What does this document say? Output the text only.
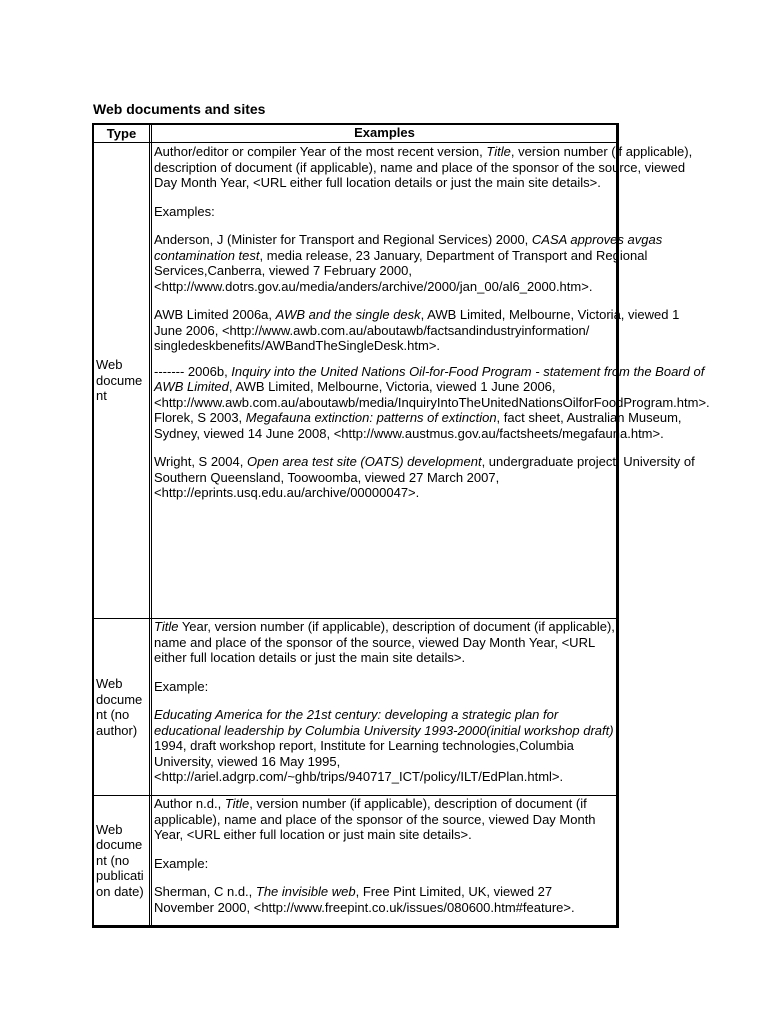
Web documents and sites
Type	Examples
Web
docume
nt

Author/editor or compiler Year of the most recent version, Title, version number (if applicable), description of document (if applicable), name and place of the sponsor of the source, viewed Day Month Year, <URL either full location details or just the main site details>.

Examples:

Anderson, J (Minister for Transport and Regional Services) 2000, CASA approves avgas contamination test, media release, 23 January, Department of Transport and Regional Services,Canberra, viewed 7 February 2000, <http://www.dotrs.gov.au/media/anders/archive/2000/jan_00/al6_2000.htm>.

AWB Limited 2006a, AWB and the single desk, AWB Limited, Melbourne, Victoria, viewed 1 June 2006, <http://www.awb.com.au/aboutawb/factsandindustryinformation/ singledeskbenefits/AWBandTheSingleDesk.htm>.

------- 2006b, Inquiry into the United Nations Oil-for-Food Program - statement from the Board of AWB Limited, AWB Limited, Melbourne, Victoria, viewed 1 June 2006, <http://www.awb.com.au/aboutawb/media/InquiryIntoTheUnitedNationsOilforFoodProgram.htm>.

Florek, S 2003, Megafauna extinction: patterns of extinction, fact sheet, Australian Museum, Sydney, viewed 14 June 2008, <http://www.austmus.gov.au/factsheets/megafauna.htm>.

Wright, S 2004, Open area test site (OATS) development, undergraduate project, University of Southern Queensland, Toowoomba, viewed 27 March 2007, <http://eprints.usq.edu.au/archive/00000047>.

Web
docume
nt (no
author)

Title Year, version number (if applicable), description of document (if applicable), name and place of the sponsor of the source, viewed Day Month Year, <URL either full location details or just the main site details>.

Example:

Educating America for the 21st century: developing a strategic plan for educational leadership by Columbia University 1993-2000(initial workshop draft) 1994, draft workshop report, Institute for Learning technologies,Columbia University, viewed 16 May 1995, <http://ariel.adgrp.com/~ghb/trips/940717_ICT/policy/ILT/EdPlan.html>.

Web
docume
nt (no
publicati
on date)

Author n.d., Title, version number (if applicable), description of document (if applicable), name and place of the sponsor of the source, viewed Day Month Year, <URL either full location or just main site details>.

Example:

Sherman, C n.d., The invisible web, Free Pint Limited, UK, viewed 27 November 2000, <http://www.freepint.co.uk/issues/080600.htm#feature>.
